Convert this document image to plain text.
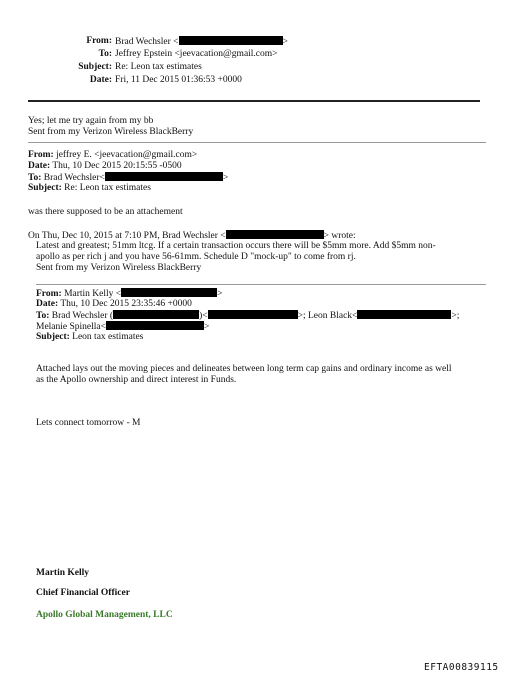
From: Brad Wechsler <	>
To: Jeffrey Epstein <jeevacation@gmail.com>
Subject: Re: Leon tax estimates
Date: Fri, 11 Dec 2015 01:36:53 +0000
Yes; let me try again from my bb
Sent from my Verizon Wireless BlackBerry
From: jeffrey E. <jeevacation@gmail.com>
Date: Thu, 10 Dec 2015 20:15:55 -0500
To: Brad Wechsler<	>
Subject: Re: Leon tax estimates
was there supposed to be an attachement
On Thu, Dec 10, 2015 at 7:10 PM, Brad Wechsler <	> wrote:
Latest and greatest; 51mm ltcg. If a certain transaction occurs there will be $5mm more. Add $5mm non-
apollo as per rich j and you have 56-61mm. Schedule D "mock-up" to come from rj.
Sent from my Verizon Wireless BlackBerry
From: Martin Kelly <	>
Date: Thu, 10 Dec 2015 23:35:46 +0000
To: Brad Wechsler (	)<	>; Leon Black<	>;
Melanie Spinella<	>
Subject: Leon tax estimates
Attached lays out the moving pieces and delineates between long term cap gains and ordinary income as well
as the Apollo ownership and direct interest in Funds.
Lets connect tomorrow - M
Martin Kelly
Chief Financial Officer
Apollo Global Management, LLC
EFTA00839115
